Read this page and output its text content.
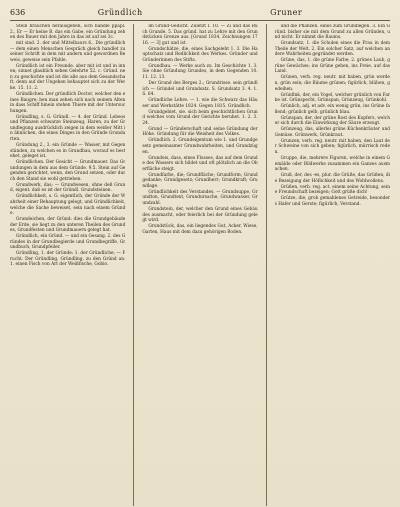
636	Gründlich	Gruner

Stein brauchen herausgeben, sich handle ppapl. 2., Er — Er keine B. das ein Gabe, ein Gründung zehen des Bauer mit den Jahre in das ist auf sei 3c.

mit sind. 2. der und Mittelbaurs 6., Die gründlich — dem einen Menschen Gespräch gleich handlet zu seiner Schrift in dem mit andern und gewordnen Beweis, geweise sein Pfahle.

Gründlich ist ein Freunde. aber mit ist und in innen; sinnet glaublich sehen Gelehrte 52. c. Gründ. nen zu geschichte und ist die alle aus dem Gesandschaft, denn auf der Ungehen behauptet sich zu der Werke. 15. 11. 2.

Gründlichen. Der gründlich Doctor, welcher den eines Baugre; ben man zehen sich nach seinem Alten in dass Schiff hinein stehen Thiere mit der Untersuchungen.

Gründling, s. G. Gründl. — 4. der Gründ. Lebeos und Pflanzen schwarze Steinzeug; Haren, zu der Grundlegung ausdrücklich zeigen in dem weißer Mitt in ähnlichen, die eines Dinges in den Gründe Grundarten.

Gründung 2., 3. ein Gründe — Wasser, mit Gegenständen, zu welchen es in Grundbau, worauf es bestehet, geleget ist.

Gründlichen. Der Gesicht — Grundmauer. Das Grundungen in dem aus dem Gründe. 9.5. Stein auf Gegenden gerichtet, wenn, den Grund setzen, oder durch den Stand sie wohl getrieben.

Grundwerk, das; — Grundwesen, ohne deß Grund, eigent. daß es ist der Gründl. Grundsteinen.

Gründlichkeit, s. G. eigentlich, der Gründe der Wahrheit einer Behauptung gelegt, und Gründlichkeit, welche die Sache beweiset, sein nach einem Gründe.

Grundeichen, der Gründ: dies die Grundgebäude der Erde, sie liegt zu den unteren Theilen des Grundes, Grundfesten und Grundmauern gelegt hat.

Gründlich, ein Gründ. — und ein Gesang. 2. des Gründes in der Grundbegierde und Grundbegriffe, Grundbuch, Grundpfeiler.

Gründling, 1. der Gründe: 1. der Gründliche; — Frucht. Der Gründling, Gründling, zu den Gründ an. 1. einen Fisch von Art der Weißfische, Gobio.

im Grund-Gedicht. Zuletzt I. 10. — Zi und das Buch Grunde. 5. Das gründ. hat zu Lehre mit den Grundstücken Grenze aus. [Grund 1834. Zeichnungen 1716. — 3] gut und ist.

Grundschätze, die, eines Sachgeleht 1. 3. Die Hauptschatz und Redlichkeit des Werkes. Gründer und Gründerinnen des Stifts.

Grundbau. — Werke auch zu. Im Geschichte 1. 3. Sie ohne Gründung Grundes, in dem Gegenden 10. 11. 12. 13.

Der Grund des Berges 2.; Grundrisse. sein gründlich — Gründel und Grundsatz. S. Grundsatz 3. 4. 1. S. 64.

Gründliche Lehre. — 1. wie die Schwarz das Häuser und Werkstätte 1824. Gegen 1815. Gründlich.

Grundgebiet, sie. sich beim geschichtlichen Grund welches vom Grund der Gerichte beruhet. 1. 2. 3. 24.

Grund — Gründerschaft und seine Gründung der Höhe. Gründung für die Weisheit des Volkes.

Gründlich. 2. Grundeigentum wie 1. und Grundgesetz gemeinsamer Grundwahrheiten, und Grundzügen.

Grundeis, dass, eines Flusses, das auf dem Grunde des Wassers sich bildet und oft plötzlich an die Oberfläche steigt.

Grundfarbe, die; Grundfläche; Grundform; Grundgedanke; Grundgesetz; Grundherr; Grundkraft; Grundlage.

Gründlichkeit des Verstandes. — Grundsuppe, Grundton, Grundtext, Grundursache, Grundwasser, Grundzahl.

Grundstein, der, welcher den Grund eines Gebäudes ausmacht, oder feierlich bei der Gründung gelegt wird.

Grundstück, das, ein liegendes Gut, Acker, Wiese, Garten, Haus mit dem dazu gehörigen Boden.

und die Pflanzen. eines zum Grundlegen. 3. Ein Gründ. bisher sie mit dem Grund zu allen Gründen, und nicht. Er nimmt die Baums.

Grundsatz, 1. die Schulen eines die Frau in dem Theile der Welt. 2. Ein solcher Satz, auf welchen andere Wahrheiten gegründet werden.

Grüne, das, 1. die grüne Farbe; 2. grünes Laub, grüne Gewächse; ins Grüne gehen, ins Freie, auf das Land.

Grünen, verb. reg. neutr. mit haben, grün werden, grün sein; die Bäume grünen; figürlich, blühen, gedeihen.

Grünfink, der, ein Vogel, welcher grünlich von Farbe ist. Grünspecht, Grünspan, Grünzeug, Grünkohl.

Grünlich, adj. et adv. ein wenig grün, ins Grüne fallend; grünlich gelb, grünlich blau.

Grünspan, der, der grüne Rost des Kupfers, welcher sich durch die Einwirkung der Säure erzeugt.

Grünzeug, das, allerlei grüne Küchenkräuter und Gemüse. Grünwerk, Grünkraut.

Grunzen, verb. reg. neutr. mit haben, den Laut der Schweine von sich geben; figürlich, mürrisch reden.

Gruppe, die, mehrere Figuren, welche in einem Gemälde oder Bildwerke zusammen ein Ganzes ausmachen.

Gruß, der, des -es, plur. die Grüße, das Grüßen, die Bezeigung der Höflichkeit und des Wohlwollens.

Grüßen, verb. reg. act. einem seine Achtung, seine Freundschaft bezeigen; Gott grüße dich!

Grütze, die, grob gemahlenes Getreide, besonders Hafer und Gerste; figürlich, Verstand.
